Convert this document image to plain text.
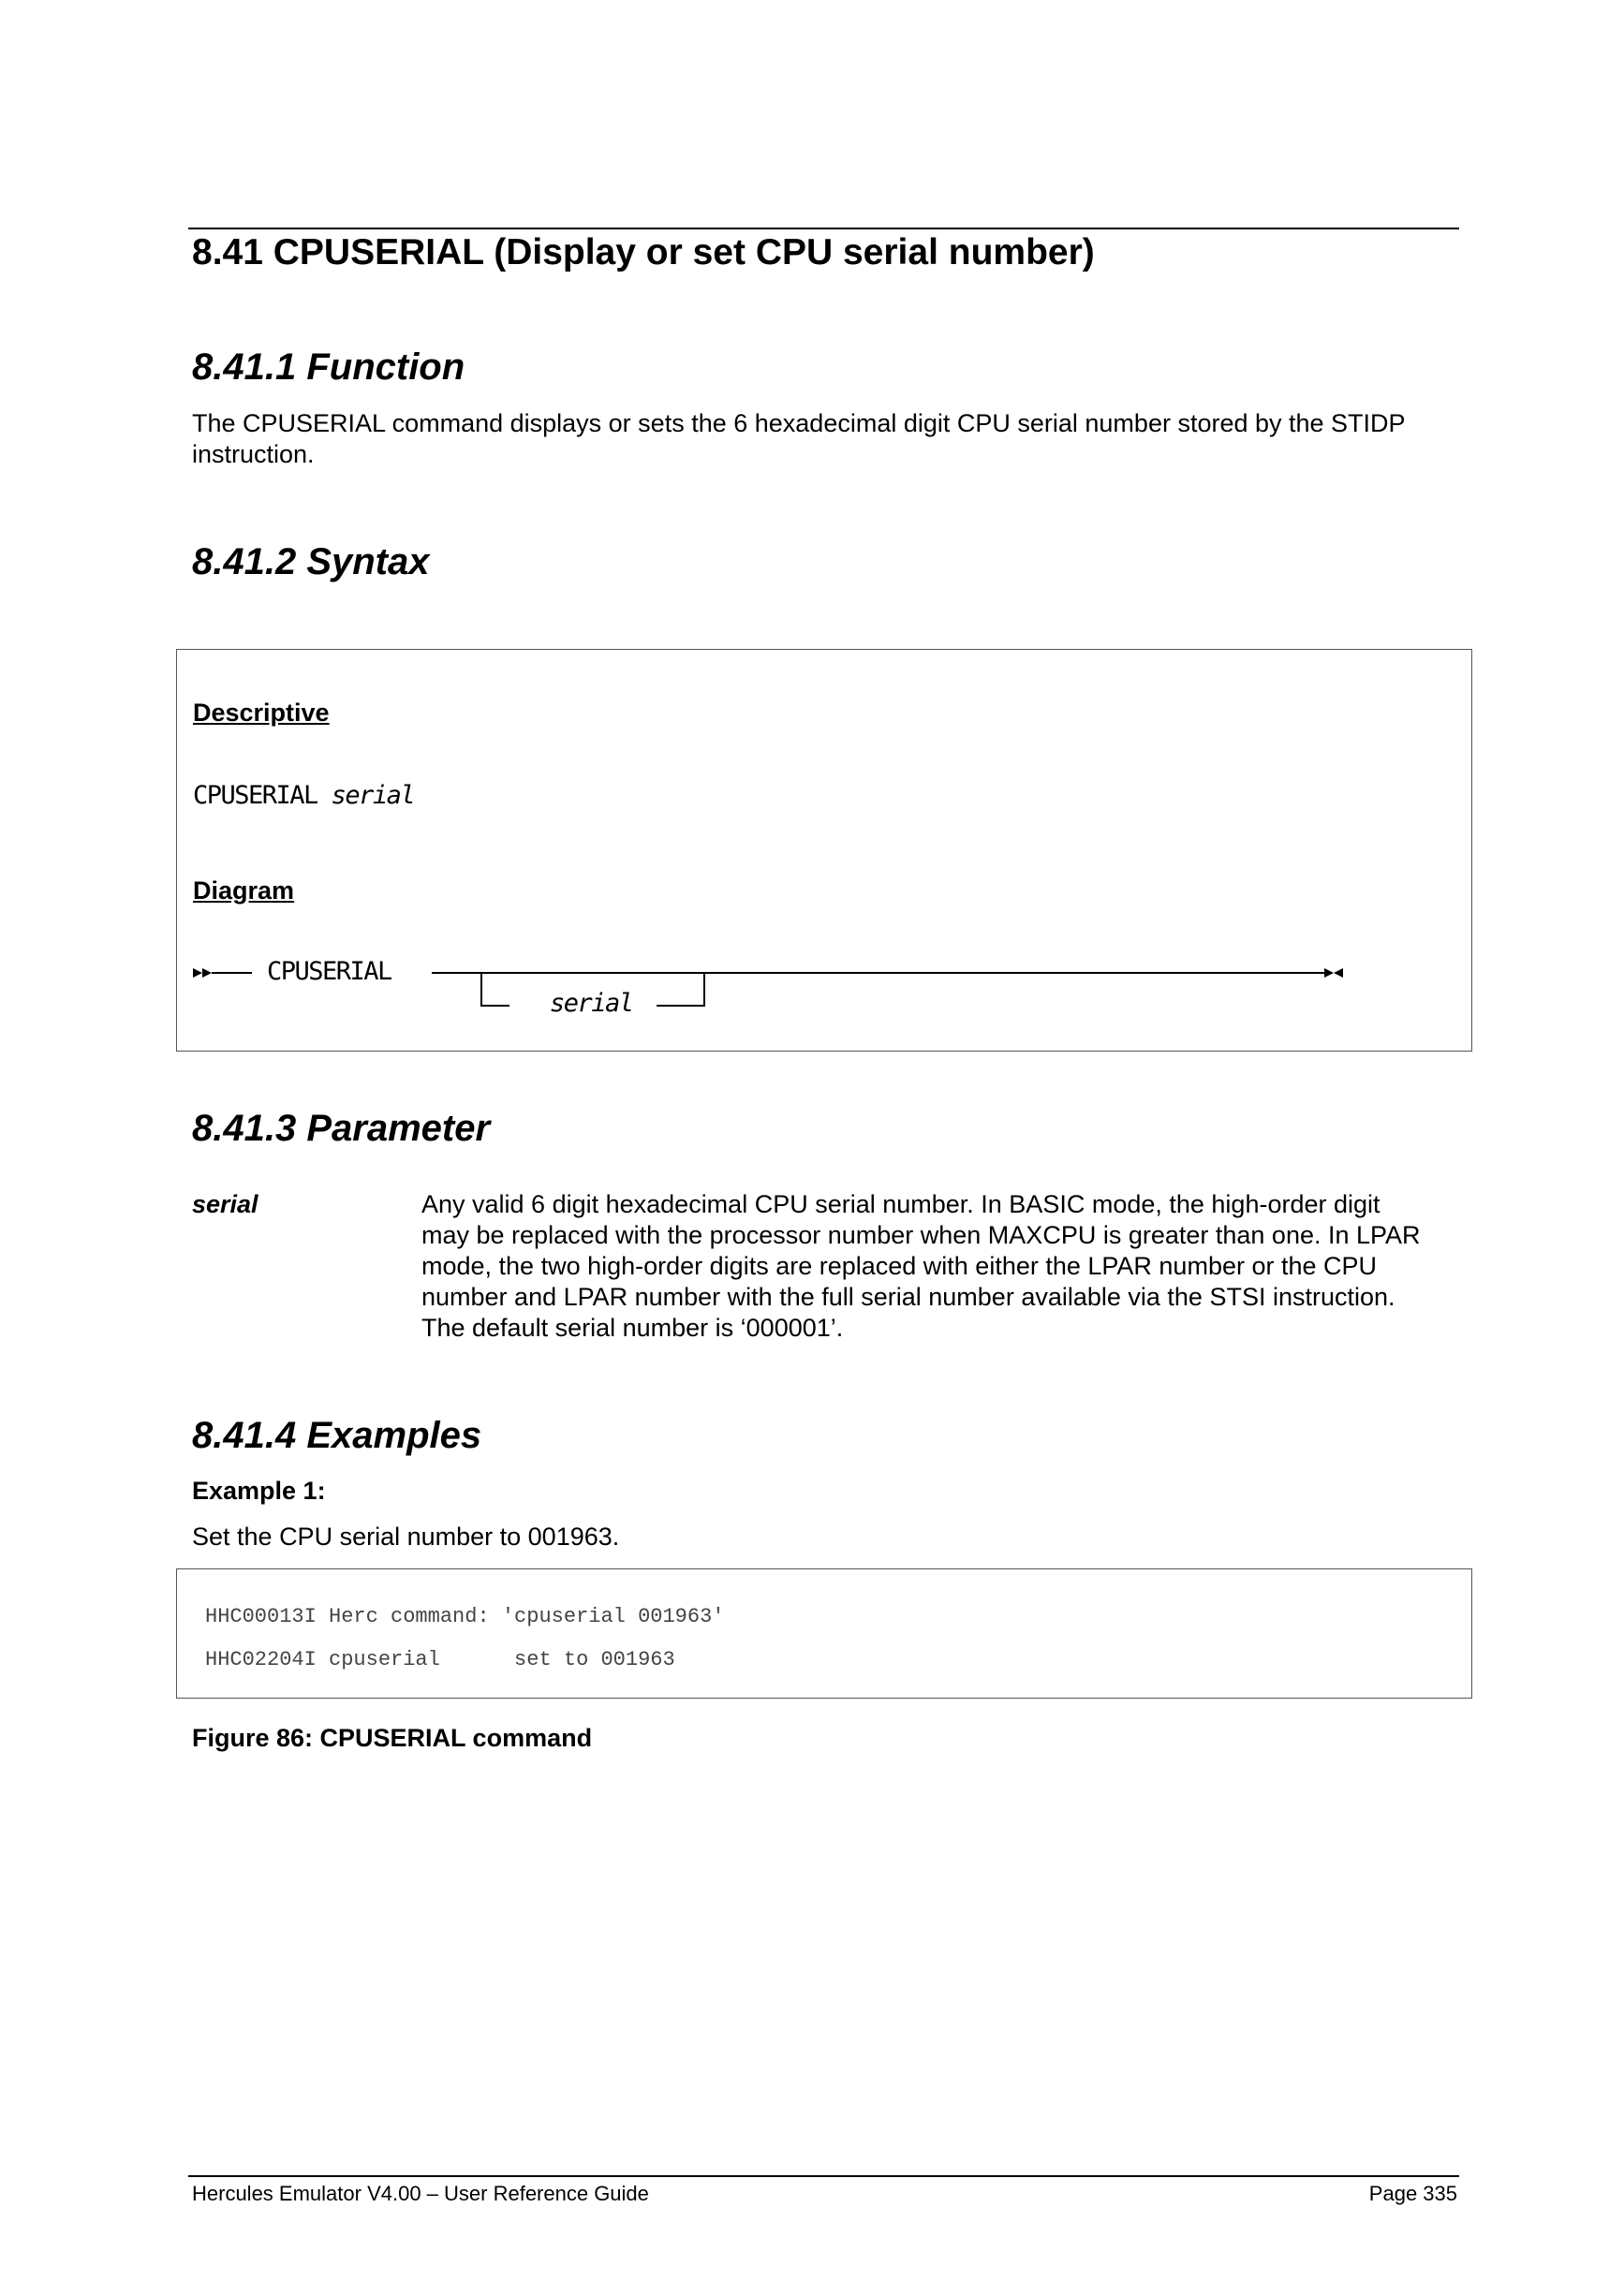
8.41 CPUSERIAL (Display or set CPU serial number)
8.41.1 Function
The CPUSERIAL command displays or sets the 6 hexadecimal digit CPU serial number stored by the STIDP instruction.
8.41.2 Syntax
Descriptive
CPUSERIAL serial
Diagram
CPUSERIAL
serial
8.41.3 Parameter
serial	Any valid 6 digit hexadecimal CPU serial number. In BASIC mode, the high-order digit may be replaced with the processor number when MAXCPU is greater than one. In LPAR mode, the two high-order digits are replaced with either the LPAR number or the CPU number and LPAR number with the full serial number available via the STSI instruction. The default serial number is ‘000001’.
8.41.4 Examples
Example 1:
Set the CPU serial number to 001963.
HHC00013I Herc command: 'cpuserial 001963'
HHC02204I cpuserial      set to 001963
Figure 86: CPUSERIAL command
Hercules Emulator V4.00 – User Reference Guide	Page 335
